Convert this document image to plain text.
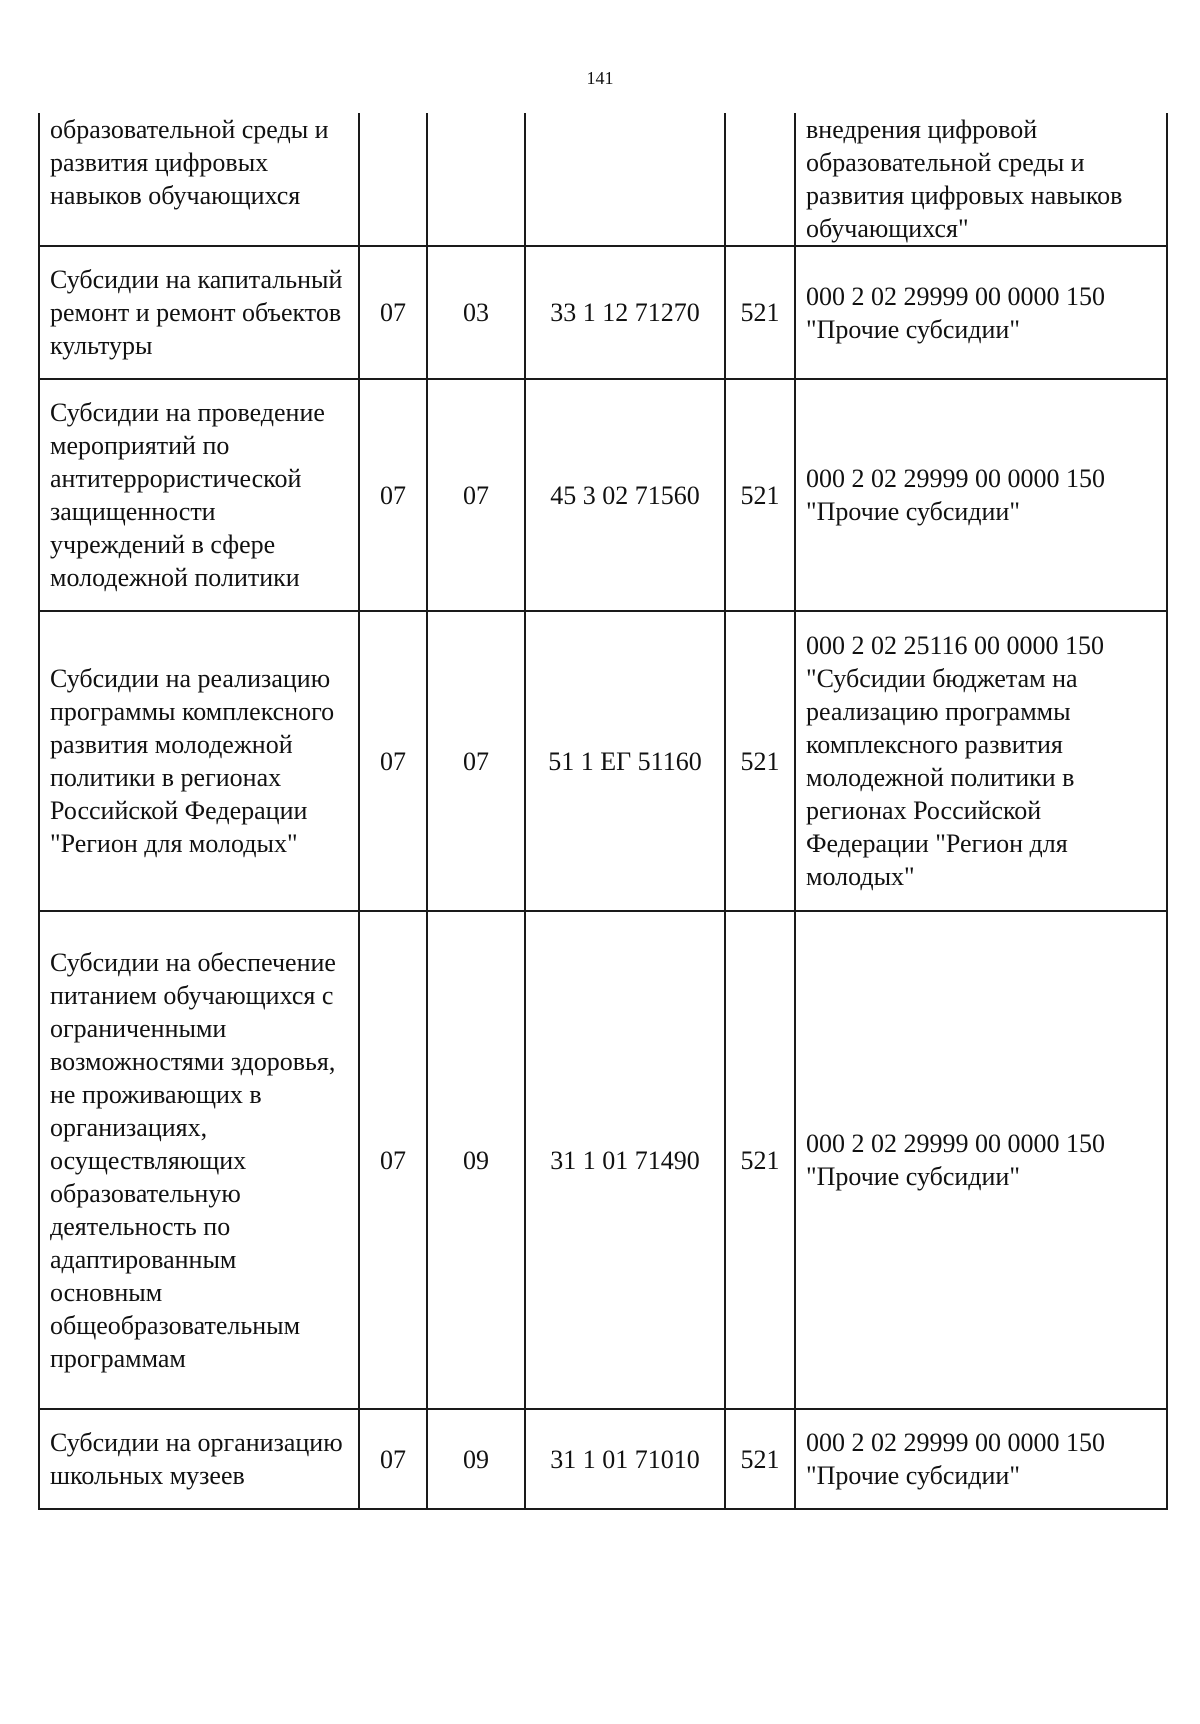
141
образовательной среды и развития цифровых навыков обучающихся					внедрения цифровой образовательной среды и развития цифровых навыков обучающихся"
Субсидии на капитальный ремонт и ремонт объектов культуры	07	03	33 1 12 71270	521	000 2 02 29999 00 0000 150 "Прочие субсидии"
Субсидии на проведение мероприятий по антитеррористической защищенности учреждений в сфере молодежной политики	07	07	45 3 02 71560	521	000 2 02 29999 00 0000 150 "Прочие субсидии"
Субсидии на реализацию программы комплексного развития молодежной политики в регионах Российской Федерации "Регион для молодых"	07	07	51 1 ЕГ 51160	521	000 2 02 25116 00 0000 150 "Субсидии бюджетам на реализацию программы комплексного развития молодежной политики в регионах Российской Федерации "Регион для молодых"
Субсидии на обеспечение питанием обучающихся с ограниченными возможностями здоровья, не проживающих в организациях, осуществляющих образовательную деятельность по адаптированным основным общеобразовательным программам	07	09	31 1 01 71490	521	000 2 02 29999 00 0000 150 "Прочие субсидии"
Субсидии на организацию школьных музеев	07	09	31 1 01 71010	521	000 2 02 29999 00 0000 150 "Прочие субсидии"
